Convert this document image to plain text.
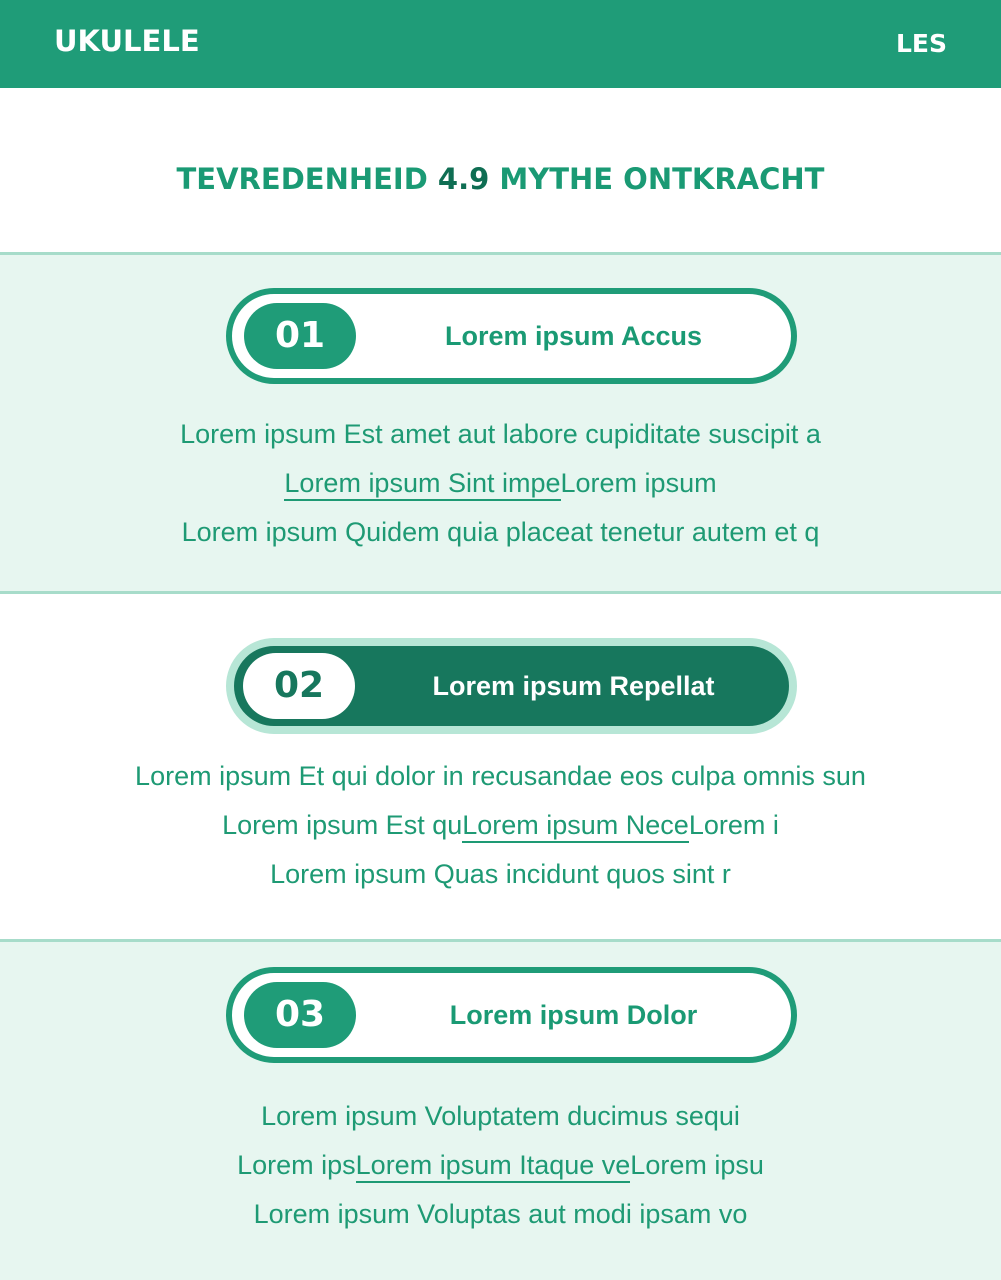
UKULELE	LES
TEVREDENHEID 4.9 MYTHE ONTKRACHT
01	Lorem ipsum Accus
Lorem ipsum Est amet aut labore cupiditate suscipit a
Lorem ipsum Sint impeLorem ipsum
Lorem ipsum Quidem quia placeat tenetur autem et q
02	Lorem ipsum Repellat
Lorem ipsum Et qui dolor in recusandae eos culpa omnis sun
Lorem ipsum Est quLorem ipsum NeceLorem i
Lorem ipsum Quas incidunt quos sint r
03	Lorem ipsum Dolor
Lorem ipsum Voluptatem ducimus sequi
Lorem ipsLorem ipsum Itaque veLorem ipsu
Lorem ipsum Voluptas aut modi ipsam vo
